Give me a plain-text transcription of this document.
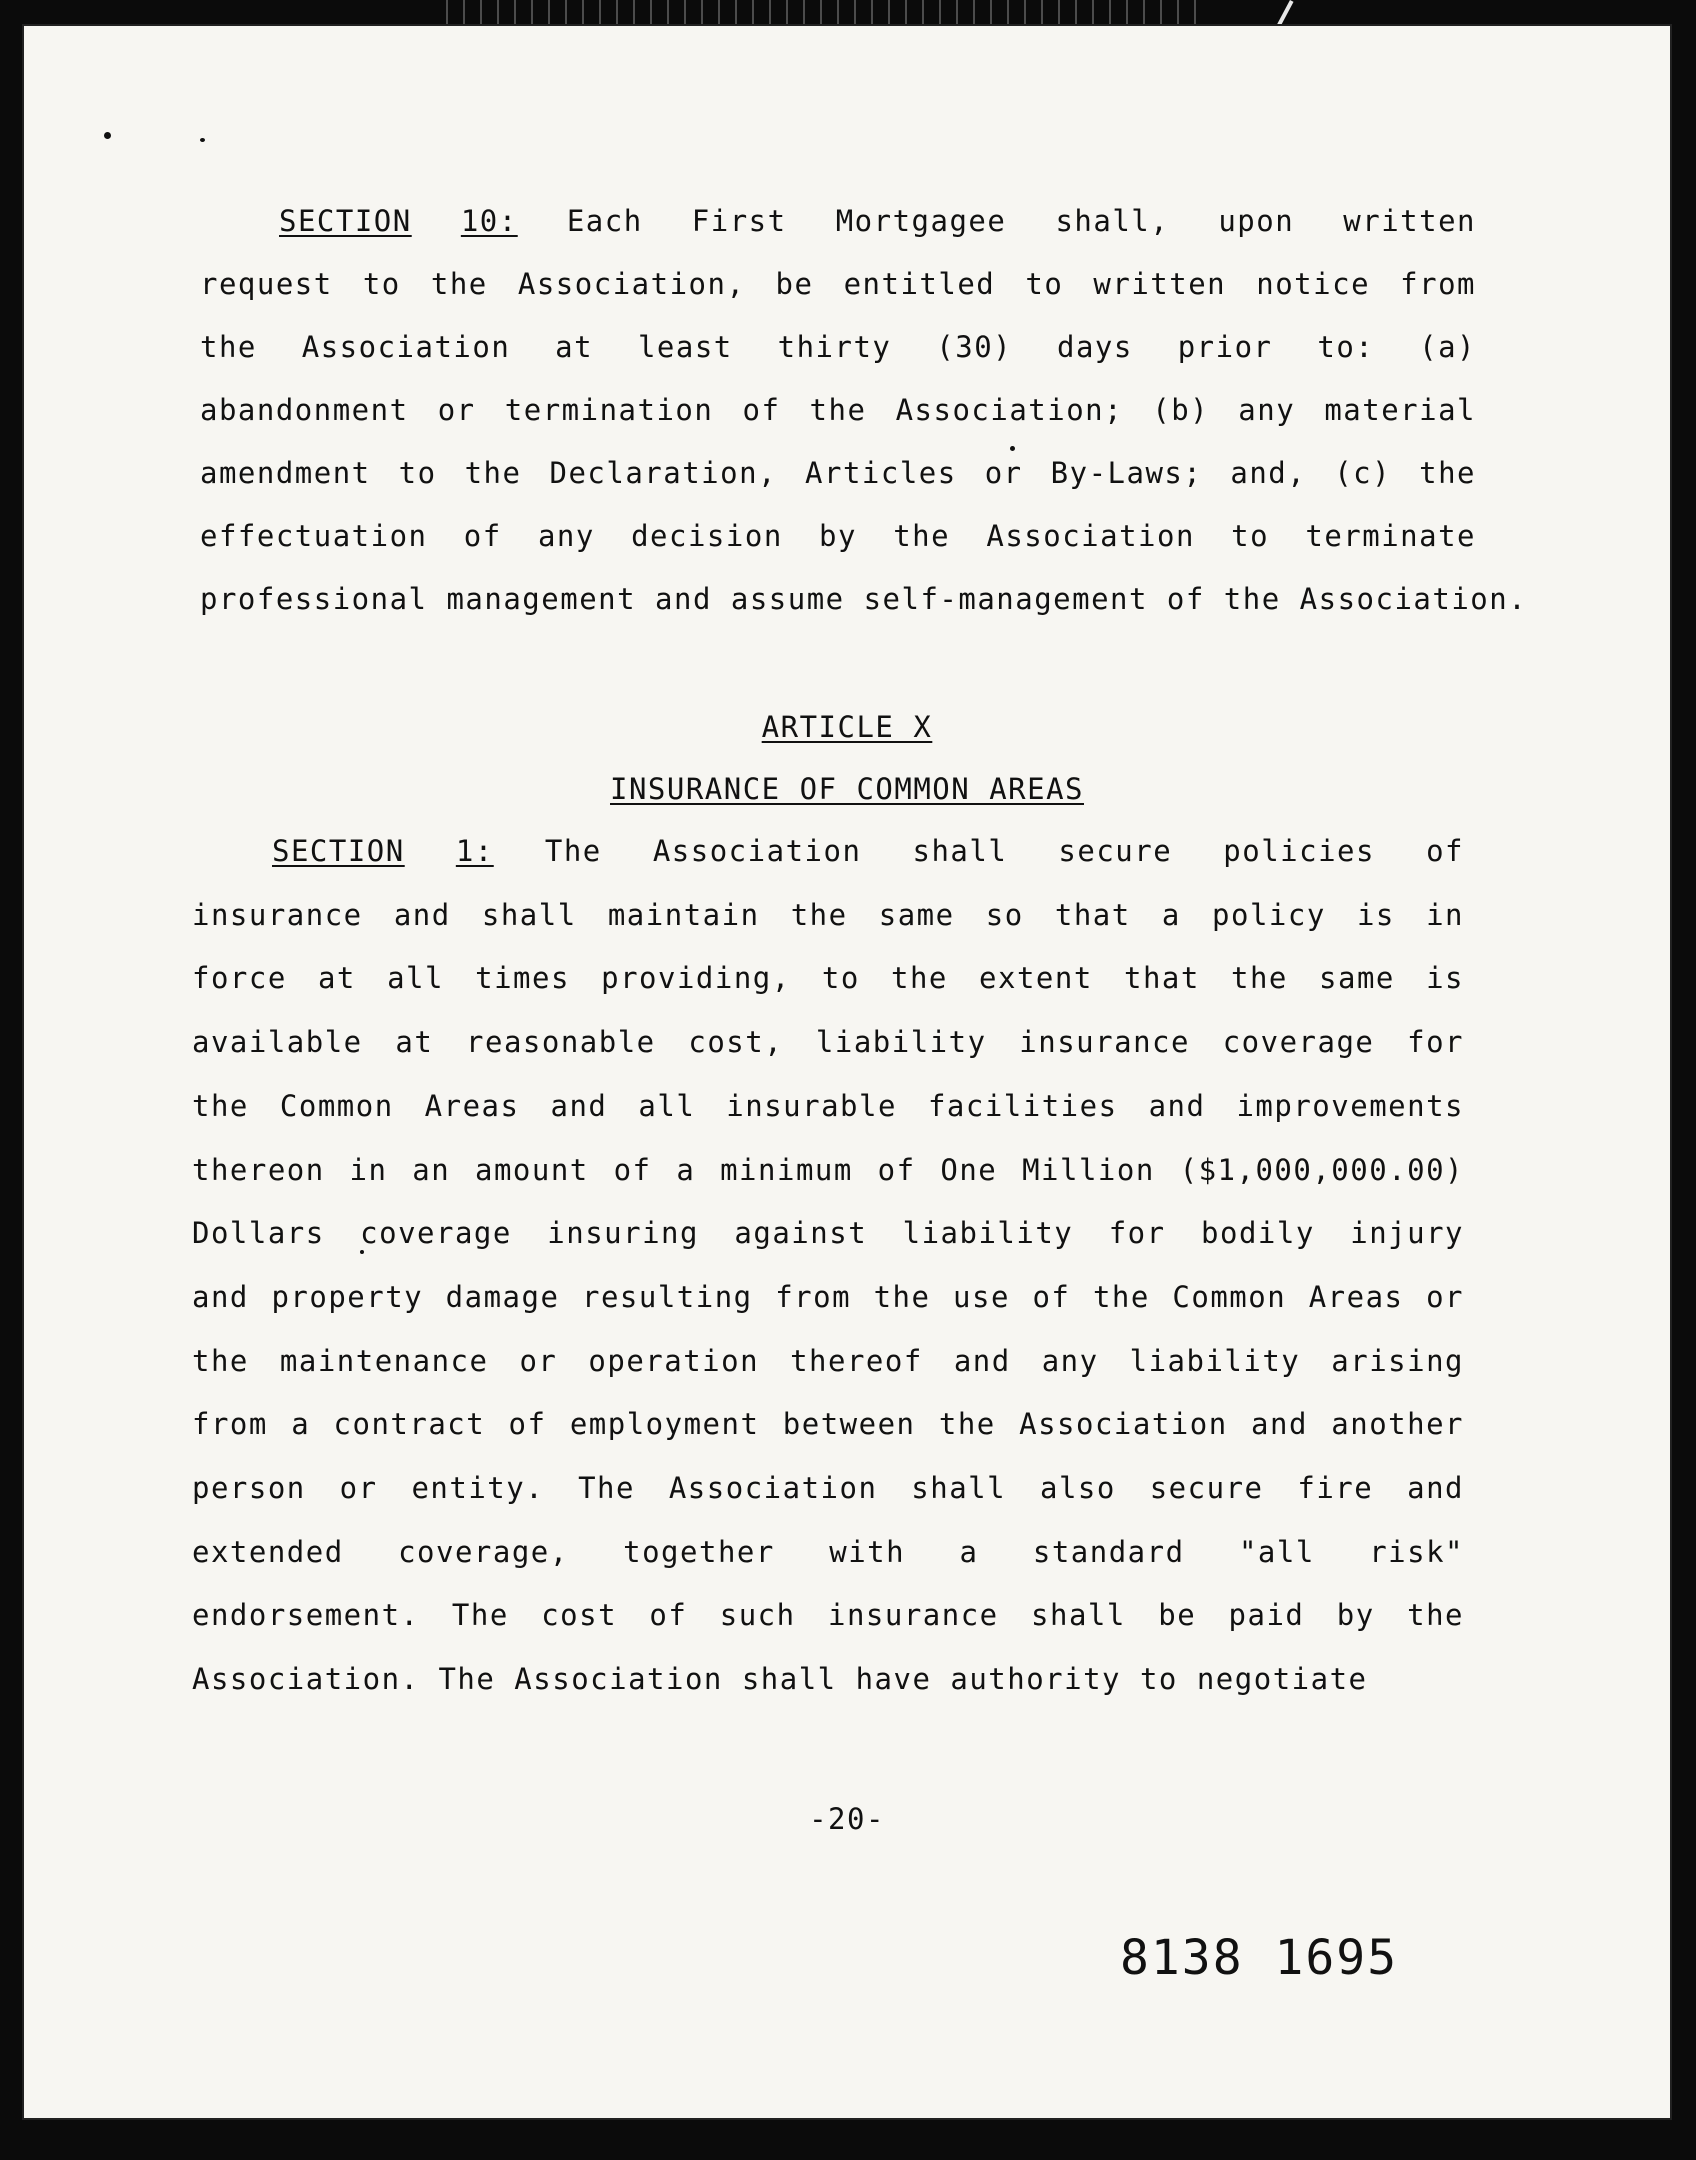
SECTION 10: Each First Mortgagee shall, upon written
request to the Association, be entitled to written notice from
the Association at least thirty (30) days prior to: (a)
abandonment or termination of the Association; (b) any material
amendment to the Declaration, Articles or By-Laws; and, (c) the
effectuation of any decision by the Association to terminate
professional management and assume self-management of the Association.
ARTICLE X
INSURANCE OF COMMON AREAS
SECTION 1: The Association shall secure policies of
insurance and shall maintain the same so that a policy is in
force at all times providing, to the extent that the same is
available at reasonable cost, liability insurance coverage for
the Common Areas and all insurable facilities and improvements
thereon in an amount of a minimum of One Million ($1,000,000.00)
Dollars coverage insuring against liability for bodily injury
and property damage resulting from the use of the Common Areas or
the maintenance or operation thereof and any liability arising
from a contract of employment between the Association and another
person or entity. The Association shall also secure fire and
extended coverage, together with a standard "all risk"
endorsement. The cost of such insurance shall be paid by the
Association. The Association shall have authority to negotiate
-20-
8138 1695
